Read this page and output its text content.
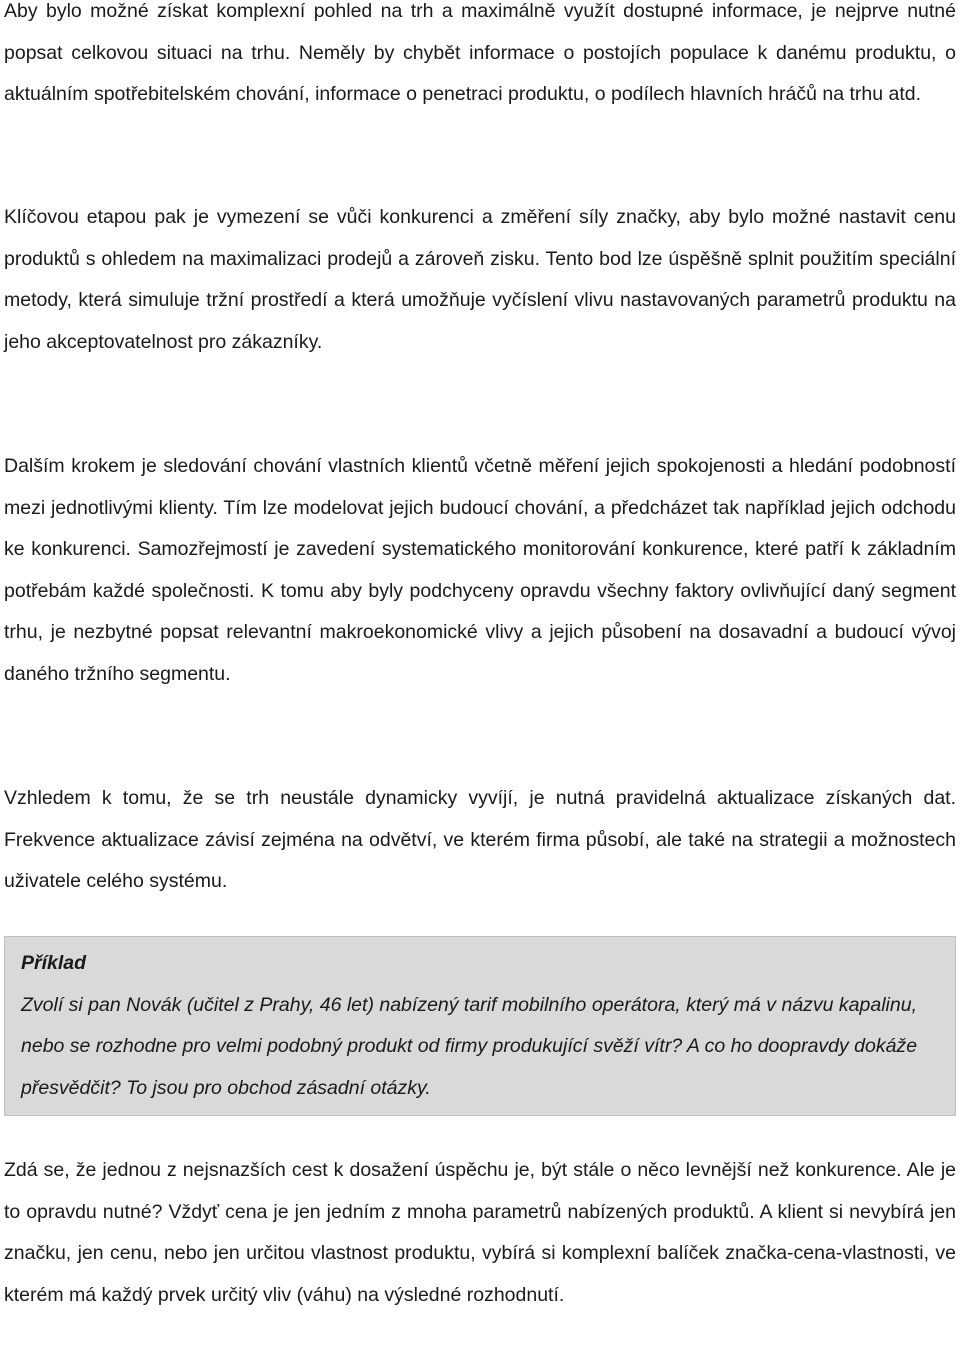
Aby bylo možné získat komplexní pohled na trh a maximálně využít dostupné informace, je nejprve nutné popsat celkovou situaci na trhu. Neměly by chybět informace o postojích populace k danému produktu, o aktuálním spotřebitelském chování, informace o penetraci produktu, o podílech hlavních hráčů na trhu atd.

Klíčovou etapou pak je vymezení se vůči konkurenci a změření síly značky, aby bylo možné nastavit cenu produktů s ohledem na maximalizaci prodejů a zároveň zisku. Tento bod lze úspěšně splnit použitím speciální metody, která simuluje tržní prostředí a která umožňuje vyčíslení vlivu nastavovaných parametrů produktu na jeho akceptovatelnost pro zákazníky.

Dalším krokem je sledování chování vlastních klientů včetně měření jejich spokojenosti a hledání podobností mezi jednotlivými klienty. Tím lze modelovat jejich budoucí chování, a předcházet tak například jejich odchodu ke konkurenci. Samozřejmostí je zavedení systematického monitorování konkurence, které patří k základním potřebám každé společnosti. K tomu aby byly podchyceny opravdu všechny faktory ovlivňující daný segment trhu, je nezbytné popsat relevantní makroekonomické vlivy a jejich působení na dosavadní a budoucí vývoj daného tržního segmentu.

Vzhledem k tomu, že se trh neustále dynamicky vyvíjí, je nutná pravidelná aktualizace získaných dat. Frekvence aktualizace závisí zejména na odvětví, ve kterém firma působí, ale také na strategii a možnostech uživatele celého systému.

Příklad

Zvolí si pan Novák (učitel z Prahy, 46 let) nabízený tarif mobilního operátora, který má v názvu kapalinu, nebo se rozhodne pro velmi podobný produkt od firmy produkující svěží vítr? A co ho doopravdy dokáže přesvědčit? To jsou pro obchod zásadní otázky.

Zdá se, že jednou z nejsnazších cest k dosažení úspěchu je, být stále o něco levnější než konkurence. Ale je to opravdu nutné? Vždyť cena je jen jedním z mnoha parametrů nabízených produktů. A klient si nevybírá jen značku, jen cenu, nebo jen určitou vlastnost produktu, vybírá si komplexní balíček značka-cena-vlastnosti, ve kterém má každý prvek určitý vliv (váhu) na výsledné rozhodnutí.
